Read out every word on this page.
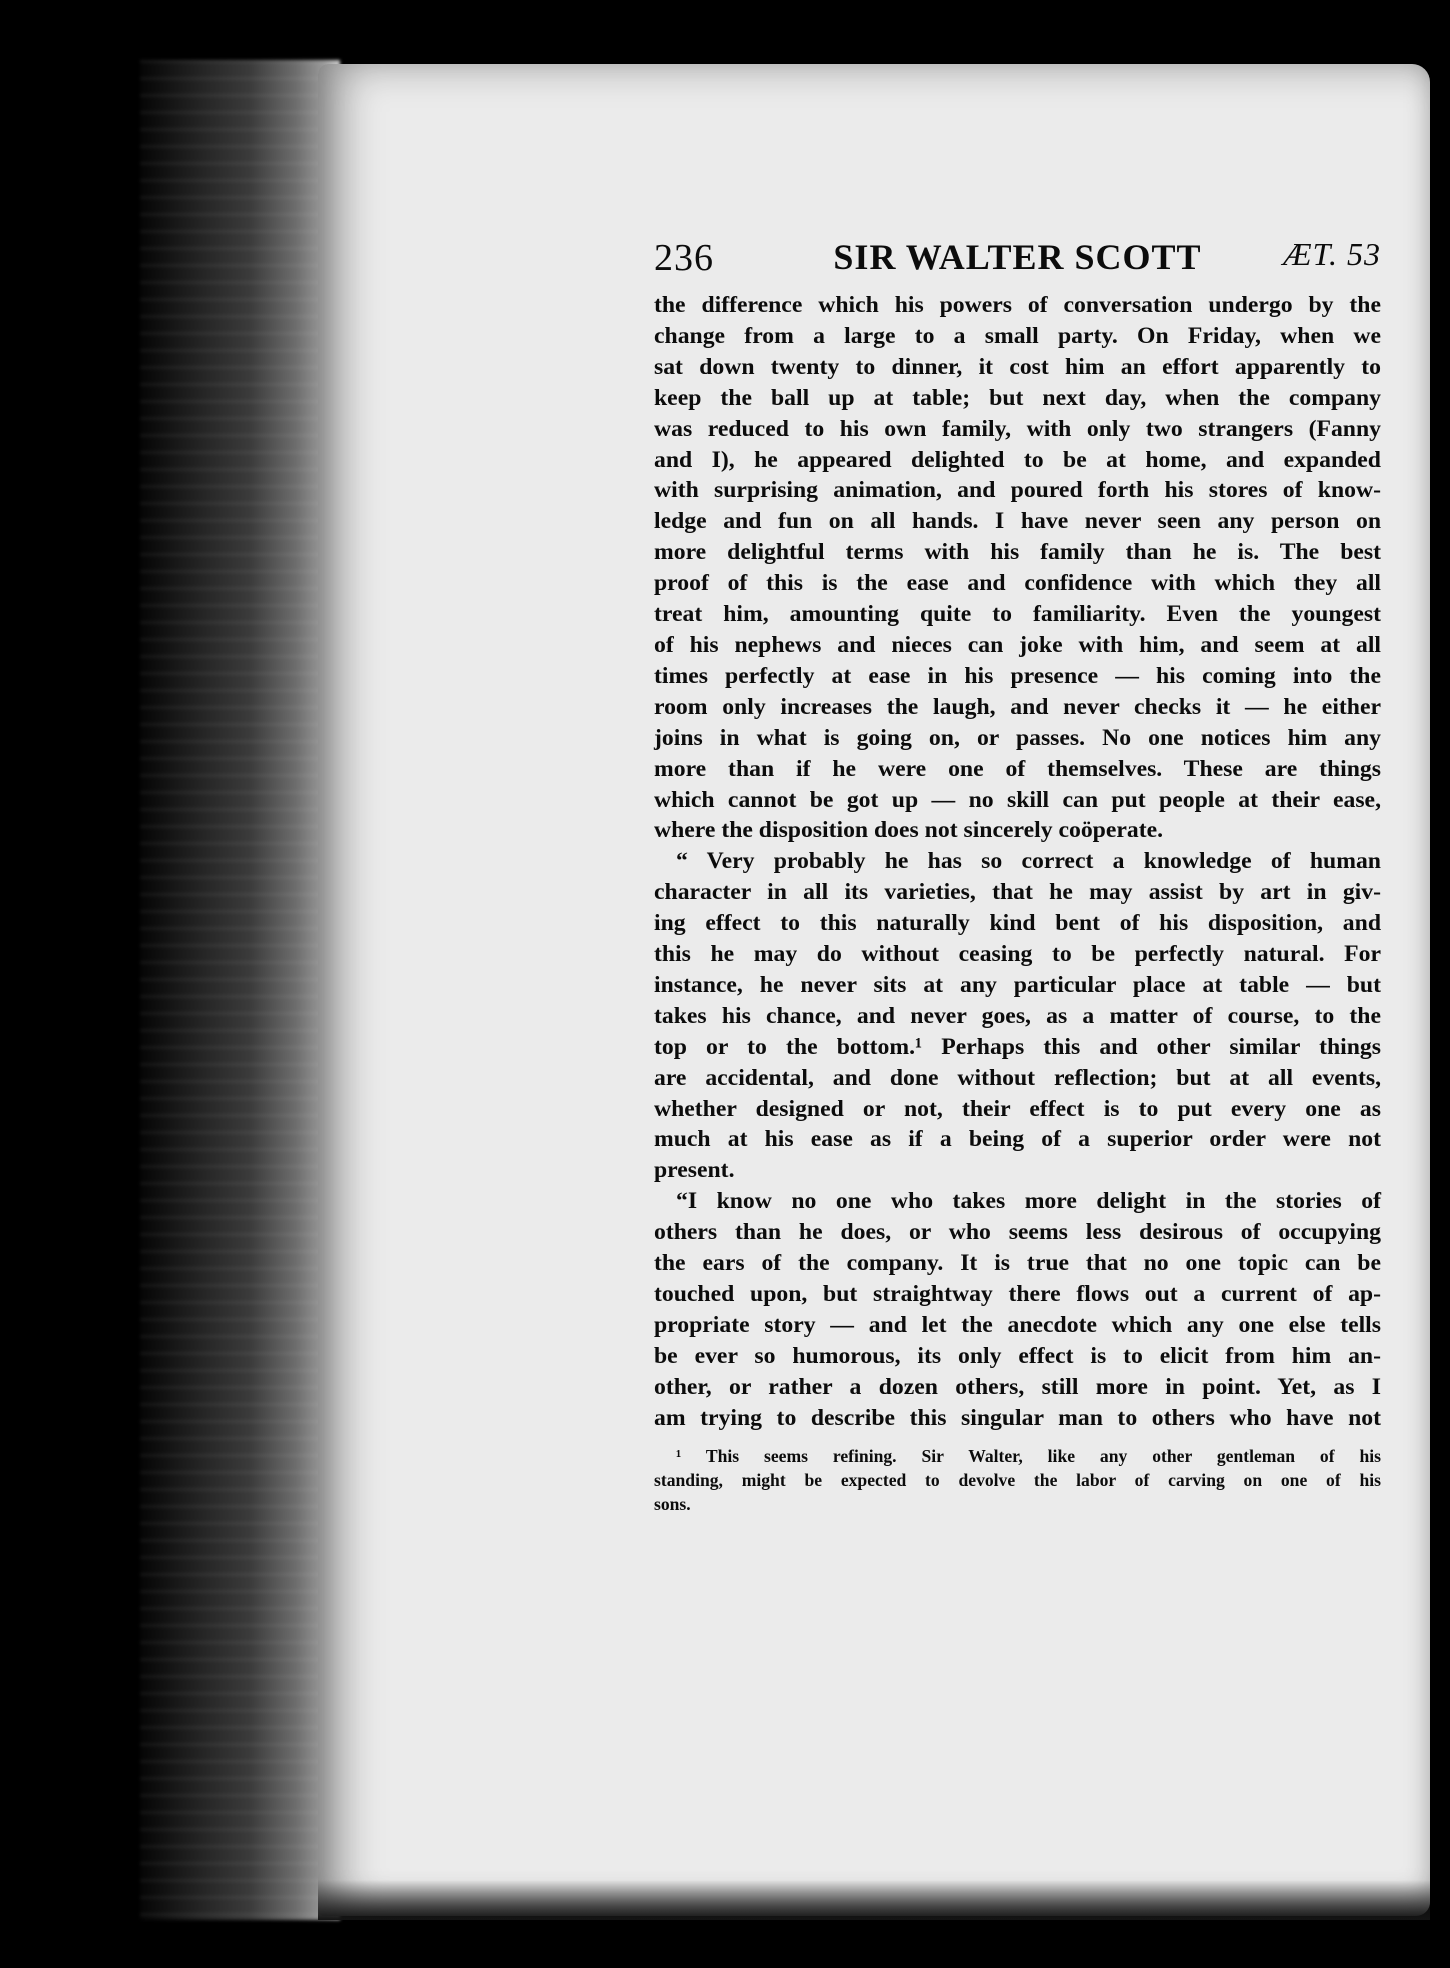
236	SIR WALTER SCOTT	ÆT. 53

the difference which his powers of conversation undergo by the
change from a large to a small party. On Friday, when we
sat down twenty to dinner, it cost him an effort apparently to
keep the ball up at table; but next day, when the company
was reduced to his own family, with only two strangers (Fanny
and I), he appeared delighted to be at home, and expanded
with surprising animation, and poured forth his stores of know-
ledge and fun on all hands. I have never seen any person on
more delightful terms with his family than he is. The best
proof of this is the ease and confidence with which they all
treat him, amounting quite to familiarity. Even the youngest
of his nephews and nieces can joke with him, and seem at all
times perfectly at ease in his presence — his coming into the
room only increases the laugh, and never checks it — he either
joins in what is going on, or passes. No one notices him any
more than if he were one of themselves. These are things
which cannot be got up — no skill can put people at their ease,
where the disposition does not sincerely coöperate.

“ Very probably he has so correct a knowledge of human
character in all its varieties, that he may assist by art in giv-
ing effect to this naturally kind bent of his disposition, and
this he may do without ceasing to be perfectly natural. For
instance, he never sits at any particular place at table — but
takes his chance, and never goes, as a matter of course, to the
top or to the bottom.¹ Perhaps this and other similar things
are accidental, and done without reflection; but at all events,
whether designed or not, their effect is to put every one as
much at his ease as if a being of a superior order were not
present.

“I know no one who takes more delight in the stories of
others than he does, or who seems less desirous of occupying
the ears of the company. It is true that no one topic can be
touched upon, but straightway there flows out a current of ap-
propriate story — and let the anecdote which any one else tells
be ever so humorous, its only effect is to elicit from him an-
other, or rather a dozen others, still more in point. Yet, as I
am trying to describe this singular man to others who have not

¹ This seems refining. Sir Walter, like any other gentleman of his
standing, might be expected to devolve the labor of carving on one of his
sons.
